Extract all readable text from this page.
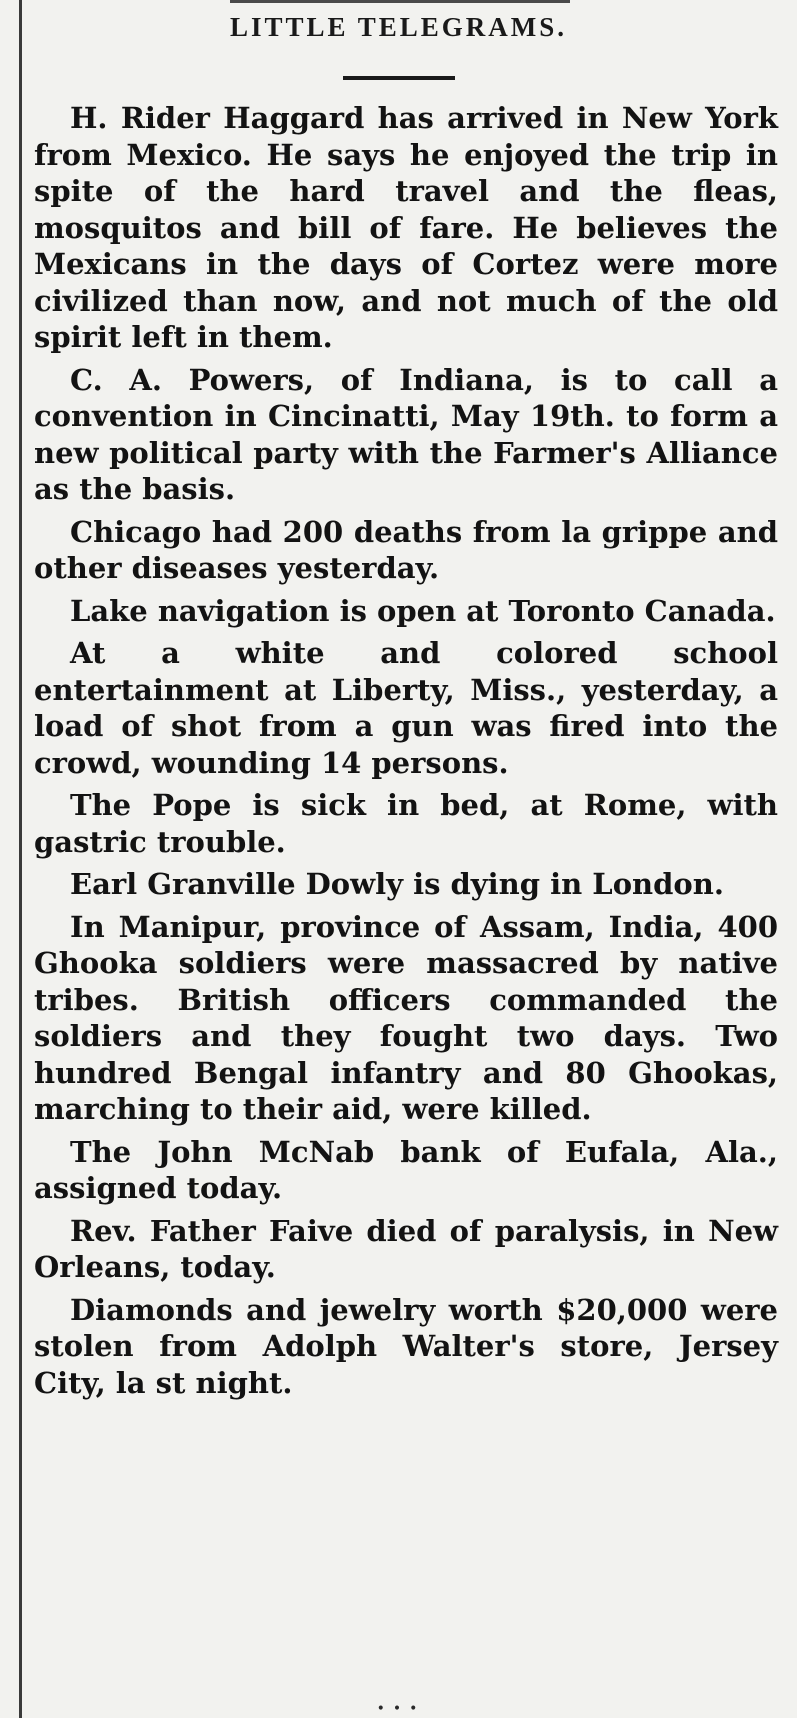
LITTLE TELEGRAMS.

H. Rider Haggard has arrived in New York from Mexico. He says he enjoyed the trip in spite of the hard travel and the fleas, mosquitos and bill of fare. He believes the Mexicans in the days of Cortez were more civilized than now, and not much of the old spirit left in them.

C. A. Powers, of Indiana, is to call a convention in Cincinatti, May 19th. to form a new political party with the Farmer's Alliance as the basis.

Chicago had 200 deaths from la grippe and other diseases yesterday.

Lake navigation is open at Toronto Canada.

At a white and colored school entertainment at Liberty, Miss., yesterday, a load of shot from a gun was fired into the crowd, wounding 14 persons.

The Pope is sick in bed, at Rome, with gastric trouble.

Earl Granville Dowly is dying in London.

In Manipur, province of Assam, India, 400 Ghooka soldiers were massacred by native tribes. British officers commanded the soldiers and they fought two days. Two hundred Bengal infantry and 80 Ghookas, marching to their aid, were killed.

The John McNab bank of Eufala, Ala., assigned today.

Rev. Father Faive died of paralysis, in New Orleans, today.

Diamonds and jewelry worth $20,000 were stolen from Adolph Walter's store, Jersey City, la st night.

•••
